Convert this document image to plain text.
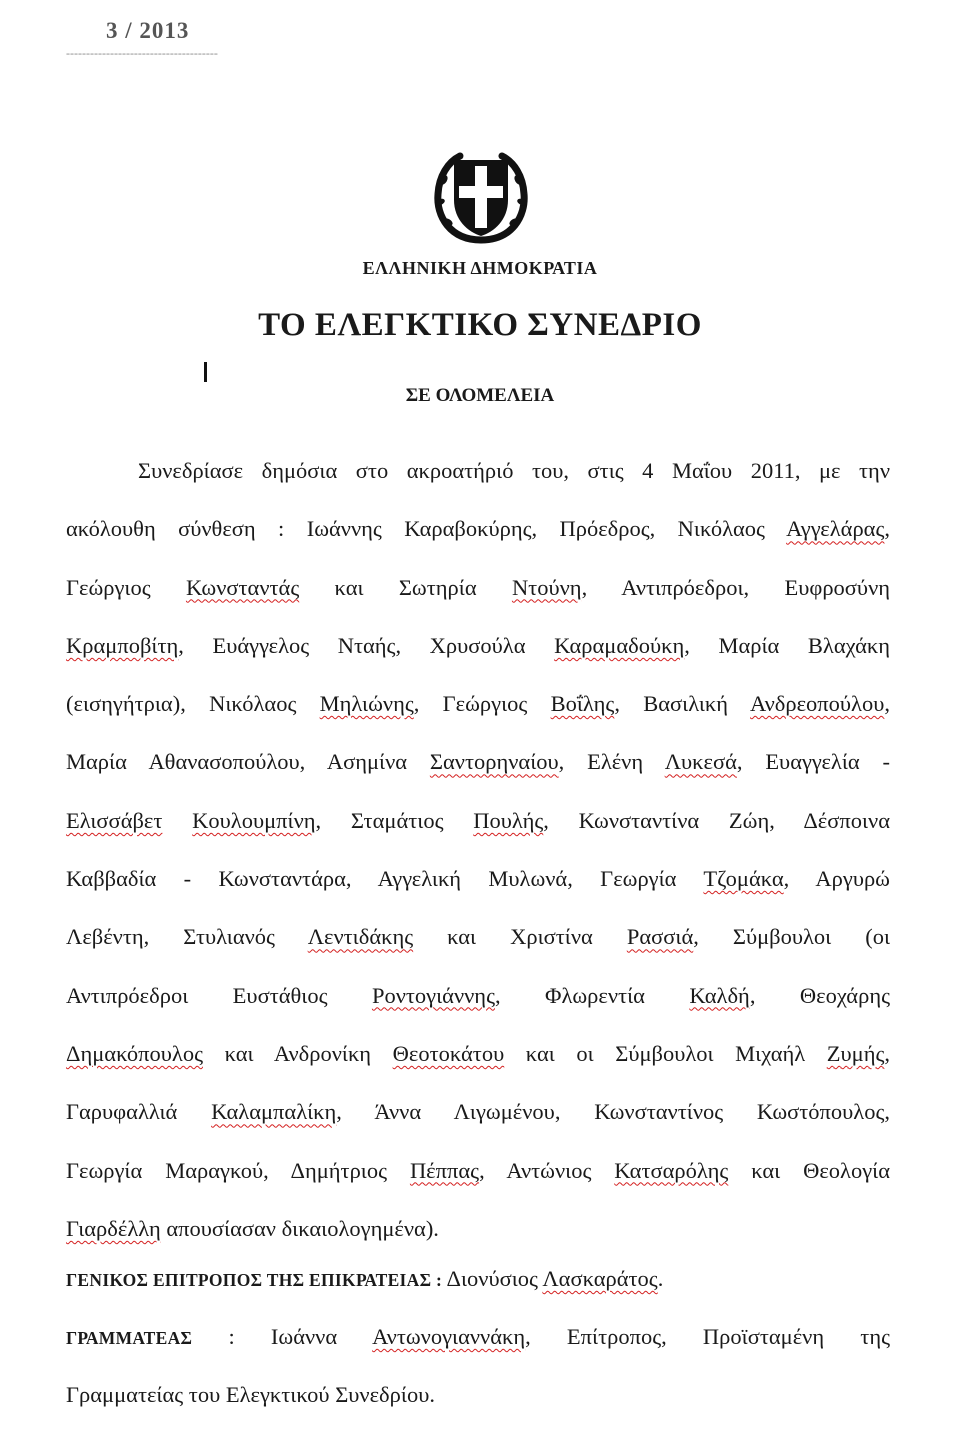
3 / 2013
--------------------------------------
ΕΛΛΗΝΙΚΗ ΔΗΜΟΚΡΑΤΙΑ
ΤΟ ΕΛΕΓΚΤΙΚΟ ΣΥΝΕΔΡΙΟ
ΣΕ ΟΛΟΜΕΛΕΙΑ
Συνεδρίασε δημόσια στο ακροατήριό του, στις 4 Μαΐου 2011, με την
ακόλουθη σύνθεση : Ιωάννης Καραβοκύρης, Πρόεδρος, Νικόλαος Αγγελάρας,
Γεώργιος Κωνσταντάς και Σωτηρία Ντούνη, Αντιπρόεδροι, Ευφροσύνη
Κραμποβίτη, Ευάγγελος Νταής, Χρυσούλα Καραμαδούκη, Μαρία Βλαχάκη
(εισηγήτρια), Νικόλαος Μηλιώνης, Γεώργιος Βοΐλης, Βασιλική Ανδρεοπούλου,
Μαρία Αθανασοπούλου, Ασημίνα Σαντορηναίου, Ελένη Λυκεσά, Ευαγγελία -
Ελισσάβετ Κουλουμπίνη, Σταμάτιος Πουλής, Κωνσταντίνα Ζώη, Δέσποινα
Καββαδία - Κωνσταντάρα, Αγγελική Μυλωνά, Γεωργία Τζομάκα, Αργυρώ
Λεβέντη, Στυλιανός Λεντιδάκης και Χριστίνα Ρασσιά, Σύμβουλοι (οι
Αντιπρόεδροι Ευστάθιος Ροντογιάννης, Φλωρεντία Καλδή, Θεοχάρης
Δημακόπουλος και Ανδρονίκη Θεοτοκάτου και οι Σύμβουλοι Μιχαήλ Ζυμής,
Γαρυφαλλιά Καλαμπαλίκη, Άννα Λιγωμένου, Κωνσταντίνος Κωστόπουλος,
Γεωργία Μαραγκού, Δημήτριος Πέππας, Αντώνιος Κατσαρόλης και Θεολογία
Γιαρδέλλη απουσίασαν δικαιολογημένα).
ΓΕΝΙΚΟΣ ΕΠΙΤΡΟΠΟΣ ΤΗΣ ΕΠΙΚΡΑΤΕΙΑΣ : Διονύσιος Λασκαράτος.
ΓΡΑΜΜΑΤΕΑΣ : Ιωάννα Αντωνογιαννάκη, Επίτροπος, Προϊσταμένη της
Γραμματείας του Ελεγκτικού Συνεδρίου.
